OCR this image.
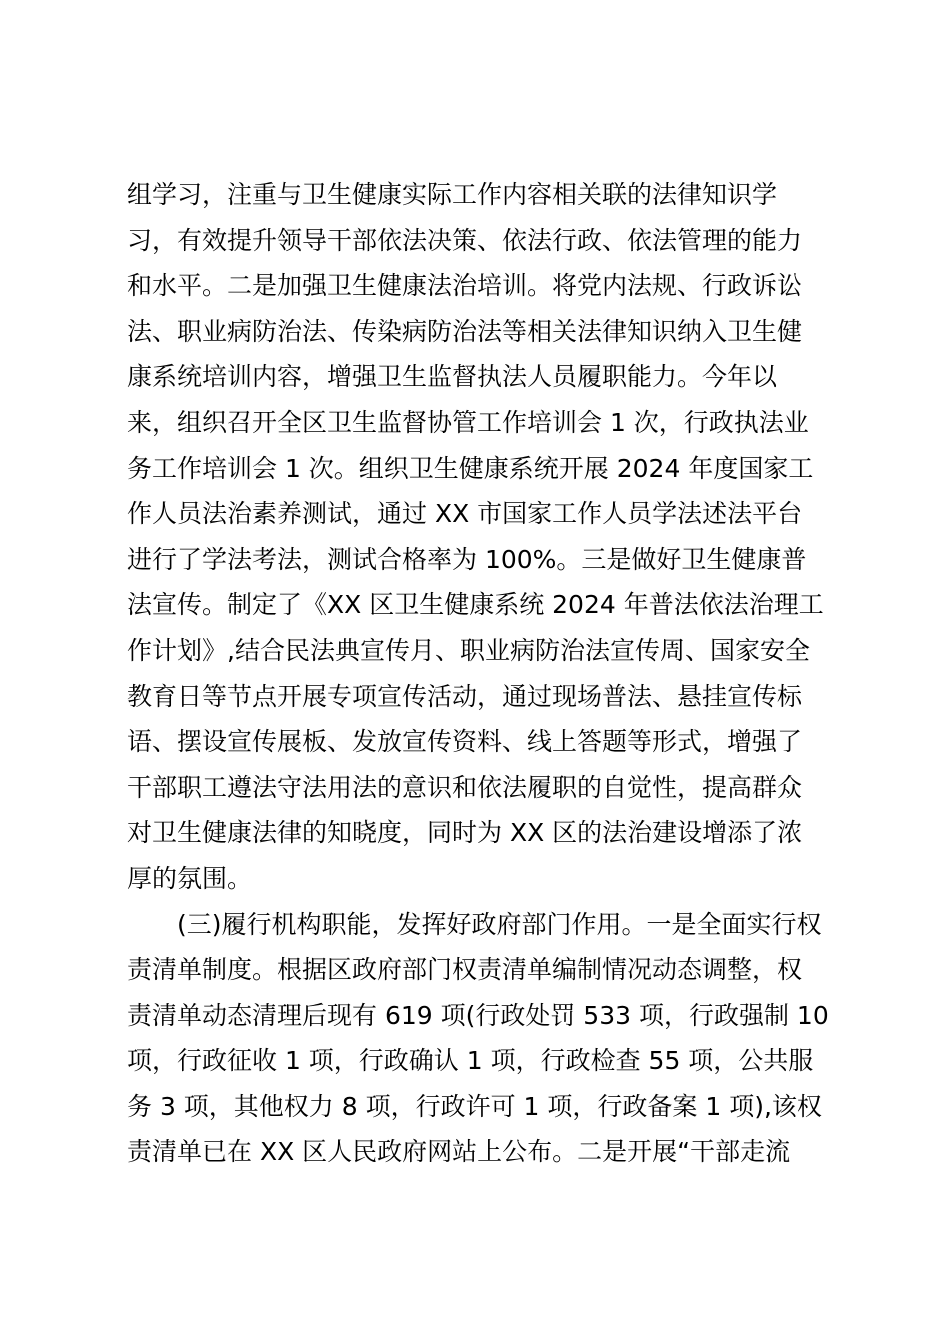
组学习，注重与卫生健康实际工作内容相关联的法律知识学
习，有效提升领导干部依法决策、依法行政、依法管理的能力
和水平。二是加强卫生健康法治培训。将党内法规、行政诉讼
法、职业病防治法、传染病防治法等相关法律知识纳入卫生健
康系统培训内容，增强卫生监督执法人员履职能力。今年以
来，组织召开全区卫生监督协管工作培训会 1 次，行政执法业
务工作培训会 1 次。组织卫生健康系统开展 2024 年度国家工
作人员法治素养测试，通过 XX 市国家工作人员学法述法平台
进行了学法考法，测试合格率为 100%。三是做好卫生健康普
法宣传。制定了《XX 区卫生健康系统 2024 年普法依法治理工
作计划》,结合民法典宣传月、职业病防治法宣传周、国家安全
教育日等节点开展专项宣传活动，通过现场普法、悬挂宣传标
语、摆设宣传展板、发放宣传资料、线上答题等形式，增强了
干部职工遵法守法用法的意识和依法履职的自觉性，提高群众
对卫生健康法律的知晓度，同时为 XX 区的法治建设增添了浓
厚的氛围。
(三)履行机构职能，发挥好政府部门作用。一是全面实行权
责清单制度。根据区政府部门权责清单编制情况动态调整，权
责清单动态清理后现有 619 项(行政处罚 533 项，行政强制 10
项，行政征收 1 项，行政确认 1 项，行政检查 55 项，公共服
务 3 项，其他权力 8 项，行政许可 1 项，行政备案 1 项),该权
责清单已在 XX 区人民政府网站上公布。二是开展“干部走流
